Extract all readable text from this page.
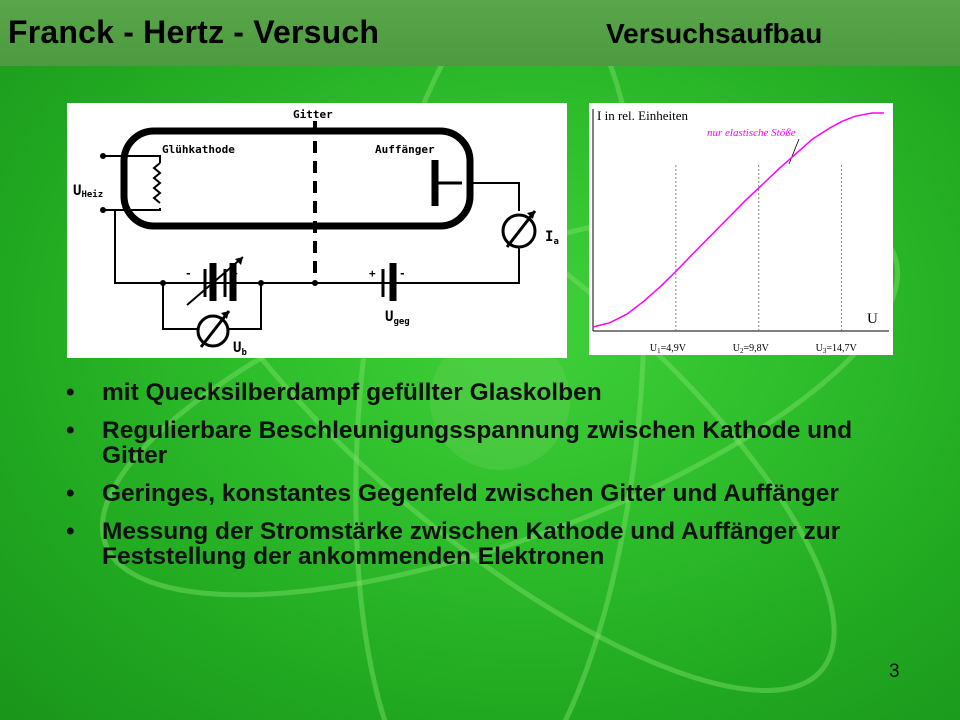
Franck - Hertz - Versuch	Versuchsaufbau
Gitter
Glühkathode	Auffänger
-	+	+ -
UHeiz
$I_a$
$U_b$
$U_{geg}$
I in rel. Einheiten
U
nur elastische Stöße
$U_1=4,9V$	$U_2=9,8V$	$U_3=14,7V$
• mit Quecksilberdampf gefüllter Glaskolben
• Regulierbare Beschleunigungsspannung zwischen Kathode und Gitter
• Geringes, konstantes Gegenfeld zwischen Gitter und Auffänger
• Messung der Stromstärke zwischen Kathode und Auffänger zur Feststellung der ankommenden Elektronen
3
